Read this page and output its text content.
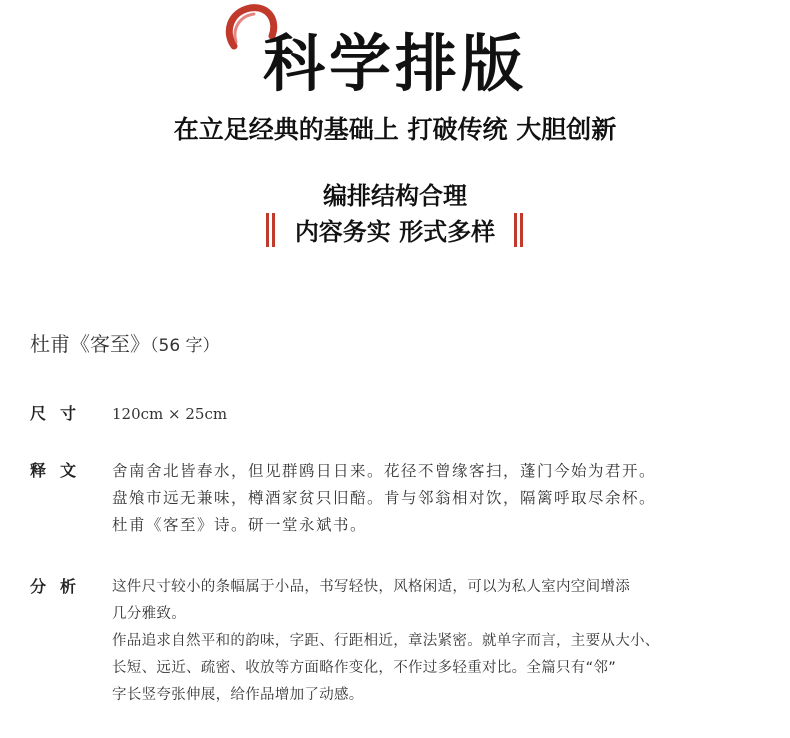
科学排版
在立足经典的基础上 打破传统 大胆创新
编排结构合理
内容务实 形式多样
杜甫《客至》（56 字）
尺寸 120cm × 25cm
释文 舍南舍北皆春水，但见群鸥日日来。花径不曾缘客扫，蓬门今始为君开。

盘飧市远无兼味，樽酒家贫只旧醅。肯与邻翁相对饮，隔篱呼取尽余杯。

杜甫《客至》诗。研一堂永斌书。

分析 这件尺寸较小的条幅属于小品，书写轻快，风格闲适，可以为私人室内空间增添

几分雅致。

作品追求自然平和的韵味，字距、行距相近，章法紧密。就单字而言，主要从大小、

长短、远近、疏密、收放等方面略作变化，不作过多轻重对比。全篇只有“邻”

字长竖夸张伸展，给作品增加了动感。
